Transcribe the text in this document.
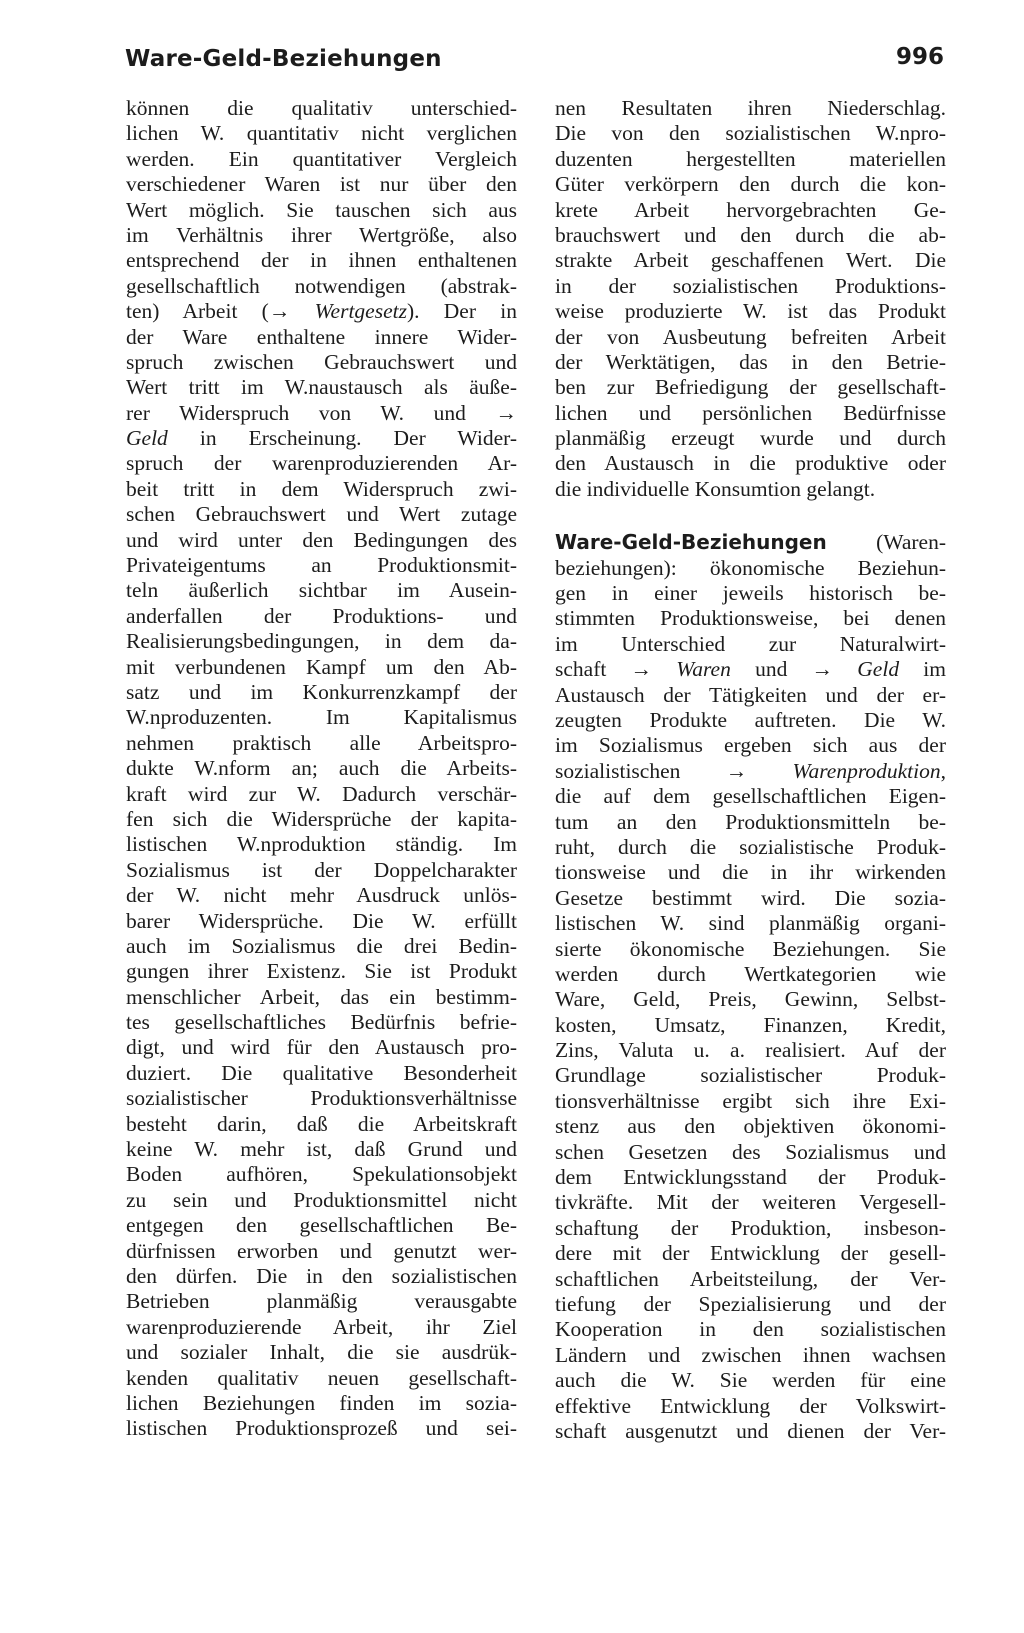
Ware-Geld-Beziehungen	996
können die qualitativ unterschied-
lichen W. quantitativ nicht verglichen
werden. Ein quantitativer Vergleich
verschiedener Waren ist nur über den
Wert möglich. Sie tauschen sich aus
im Verhältnis ihrer Wertgröße, also
entsprechend der in ihnen enthaltenen
gesellschaftlich notwendigen (abstrak-
ten) Arbeit (→ Wertgesetz). Der in
der Ware enthaltene innere Wider-
spruch zwischen Gebrauchswert und
Wert tritt im W.naustausch als äuße-
rer Widerspruch von W. und →
Geld in Erscheinung. Der Wider-
spruch der warenproduzierenden Ar-
beit tritt in dem Widerspruch zwi-
schen Gebrauchswert und Wert zutage
und wird unter den Bedingungen des
Privateigentums an Produktionsmit-
teln äußerlich sichtbar im Ausein-
anderfallen der Produktions- und
Realisierungsbedingungen, in dem da-
mit verbundenen Kampf um den Ab-
satz und im Konkurrenzkampf der
W.nproduzenten. Im Kapitalismus
nehmen praktisch alle Arbeitspro-
dukte W.nform an; auch die Arbeits-
kraft wird zur W. Dadurch verschär-
fen sich die Widersprüche der kapita-
listischen W.nproduktion ständig. Im
Sozialismus ist der Doppelcharakter
der W. nicht mehr Ausdruck unlös-
barer Widersprüche. Die W. erfüllt
auch im Sozialismus die drei Bedin-
gungen ihrer Existenz. Sie ist Produkt
menschlicher Arbeit, das ein bestimm-
tes gesellschaftliches Bedürfnis befrie-
digt, und wird für den Austausch pro-
duziert. Die qualitative Besonderheit
sozialistischer Produktionsverhältnisse
besteht darin, daß die Arbeitskraft
keine W. mehr ist, daß Grund und
Boden aufhören, Spekulationsobjekt
zu sein und Produktionsmittel nicht
entgegen den gesellschaftlichen Be-
dürfnissen erworben und genutzt wer-
den dürfen. Die in den sozialistischen
Betrieben planmäßig verausgabte
warenproduzierende Arbeit, ihr Ziel
und sozialer Inhalt, die sie ausdrük-
kenden qualitativ neuen gesellschaft-
lichen Beziehungen finden im sozia-
listischen Produktionsprozeß und sei-
nen Resultaten ihren Niederschlag.
Die von den sozialistischen W.npro-
duzenten hergestellten materiellen
Güter verkörpern den durch die kon-
krete Arbeit hervorgebrachten Ge-
brauchswert und den durch die ab-
strakte Arbeit geschaffenen Wert. Die
in der sozialistischen Produktions-
weise produzierte W. ist das Produkt
der von Ausbeutung befreiten Arbeit
der Werktätigen, das in den Betrie-
ben zur Befriedigung der gesellschaft-
lichen und persönlichen Bedürfnisse
planmäßig erzeugt wurde und durch
den Austausch in die produktive oder
die individuelle Konsumtion gelangt.
Ware-Geld-Beziehungen (Waren-
beziehungen): ökonomische Beziehun-
gen in einer jeweils historisch be-
stimmten Produktionsweise, bei denen
im Unterschied zur Naturalwirt-
schaft → Waren und → Geld im
Austausch der Tätigkeiten und der er-
zeugten Produkte auftreten. Die W.
im Sozialismus ergeben sich aus der
sozialistischen → Warenproduktion,
die auf dem gesellschaftlichen Eigen-
tum an den Produktionsmitteln be-
ruht, durch die sozialistische Produk-
tionsweise und die in ihr wirkenden
Gesetze bestimmt wird. Die sozia-
listischen W. sind planmäßig organi-
sierte ökonomische Beziehungen. Sie
werden durch Wertkategorien wie
Ware, Geld, Preis, Gewinn, Selbst-
kosten, Umsatz, Finanzen, Kredit,
Zins, Valuta u. a. realisiert. Auf der
Grundlage sozialistischer Produk-
tionsverhältnisse ergibt sich ihre Exi-
stenz aus den objektiven ökonomi-
schen Gesetzen des Sozialismus und
dem Entwicklungsstand der Produk-
tivkräfte. Mit der weiteren Vergesell-
schaftung der Produktion, insbeson-
dere mit der Entwicklung der gesell-
schaftlichen Arbeitsteilung, der Ver-
tiefung der Spezialisierung und der
Kooperation in den sozialistischen
Ländern und zwischen ihnen wachsen
auch die W. Sie werden für eine
effektive Entwicklung der Volkswirt-
schaft ausgenutzt und dienen der Ver-
